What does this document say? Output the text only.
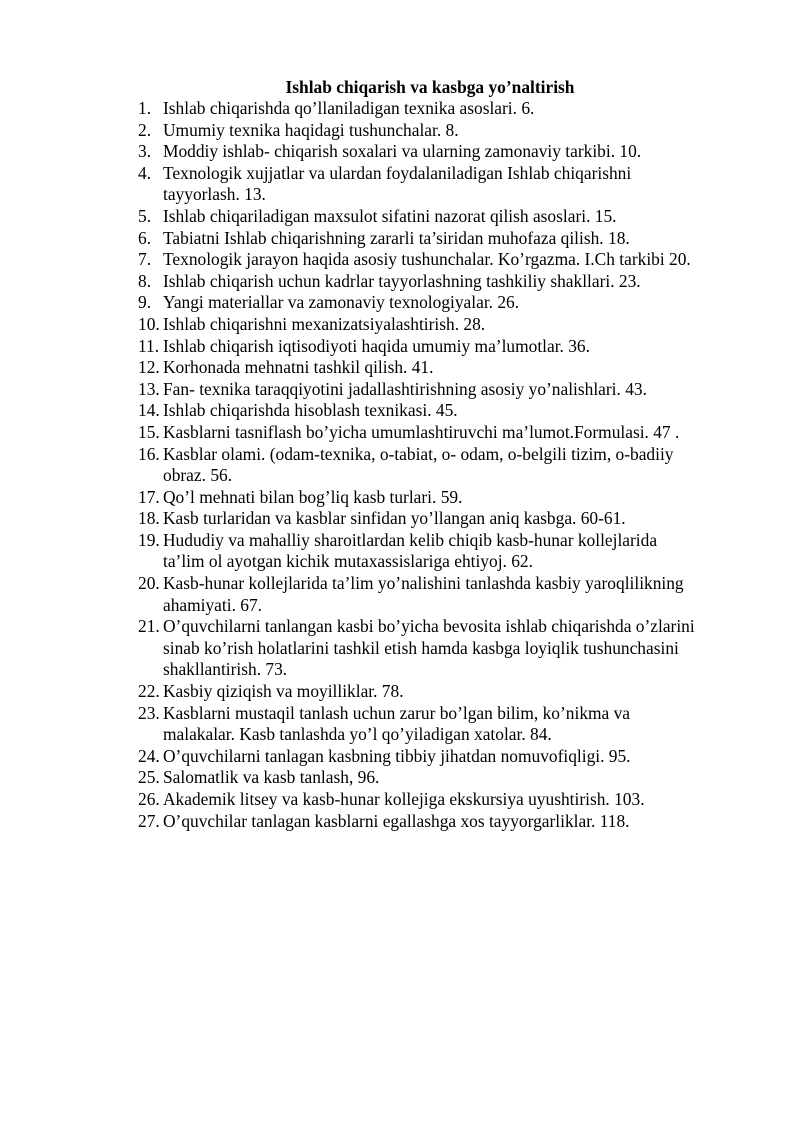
Ishlab chiqarish va kasbga yo’naltirish
1. Ishlab chiqarishda qo’llaniladigan texnika asoslari. 6.
2. Umumiy texnika haqidagi tushunchalar. 8.
3. Moddiy ishlab- chiqarish soxalari va ularning zamonaviy tarkibi. 10.
4. Texnologik xujjatlar va ulardan foydalaniladigan Ishlab chiqarishni
tayyorlash. 13.
5. Ishlab chiqariladigan maxsulot sifatini nazorat qilish asoslari. 15.
6. Tabiatni Ishlab chiqarishning zararli ta’siridan muhofaza qilish. 18.
7. Texnologik jarayon haqida asosiy tushunchalar. Ko’rgazma. I.Ch tarkibi 20.
8. Ishlab chiqarish uchun kadrlar tayyorlashning tashkiliy shakllari. 23.
9. Yangi materiallar va zamonaviy texnologiyalar. 26.
10. Ishlab chiqarishni mexanizatsiyalashtirish. 28.
11. Ishlab chiqarish iqtisodiyoti haqida umumiy ma’lumotlar. 36.
12. Korhonada mehnatni tashkil qilish. 41.
13. Fan- texnika taraqqiyotini jadallashtirishning asosiy yo’nalishlari. 43.
14. Ishlab chiqarishda hisoblash texnikasi. 45.
15. Kasblarni tasniflash bo’yicha umumlashtiruvchi ma’lumot.Formulasi. 47 .
16. Kasblar olami. (odam-texnika, o-tabiat, o- odam, o-belgili tizim, o-badiiy
obraz. 56.
17. Qo’l mehnati bilan bog’liq kasb turlari. 59.
18. Kasb turlaridan va kasblar sinfidan yo’llangan aniq kasbga. 60-61.
19. Hududiy va mahalliy sharoitlardan kelib chiqib kasb-hunar kollejlarida
ta’lim ol ayotgan kichik mutaxassislariga ehtiyoj. 62.
20. Kasb-hunar kollejlarida ta’lim yo’nalishini tanlashda kasbiy yaroqlilikning
ahamiyati. 67.
21. O’quvchilarni tanlangan kasbi bo’yicha bevosita ishlab chiqarishda o’zlarini
sinab ko’rish holatlarini tashkil etish hamda kasbga loyiqlik tushunchasini
shakllantirish. 73.
22. Kasbiy qiziqish va moyilliklar. 78.
23. Kasblarni mustaqil tanlash uchun zarur bo’lgan bilim, ko’nikma va
malakalar. Kasb tanlashda yo’l qo’yiladigan xatolar. 84.
24. O’quvchilarni tanlagan kasbning tibbiy jihatdan nomuvofiqligi. 95.
25. Salomatlik va kasb tanlash, 96.
26. Akademik litsey va kasb-hunar kollejiga ekskursiya uyushtirish. 103.
27. O’quvchilar tanlagan kasblarni egallashga xos tayyorgarliklar. 118.
